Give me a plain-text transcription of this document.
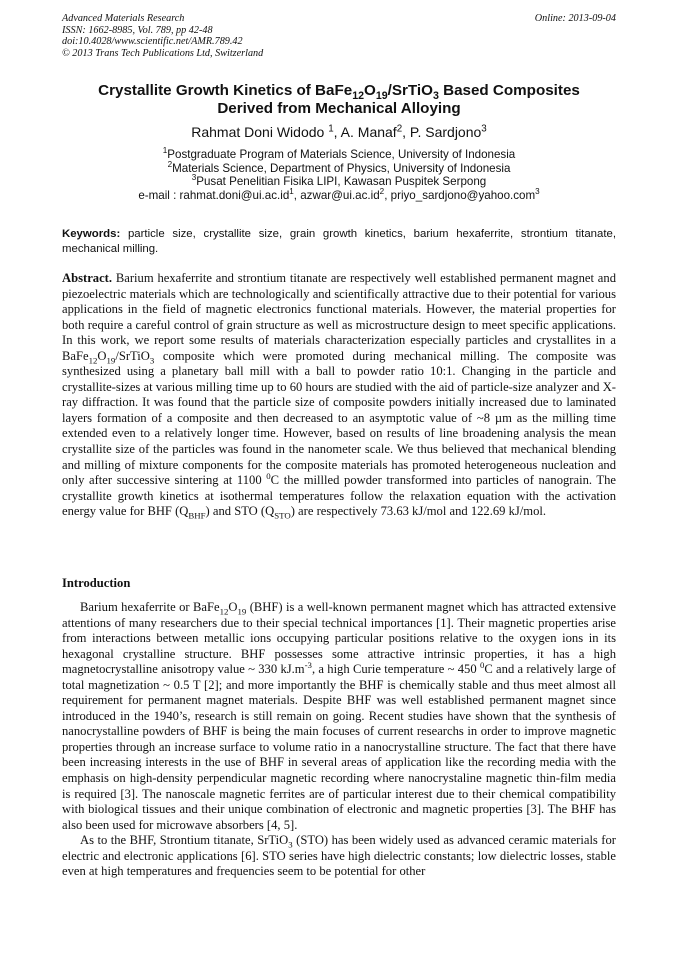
Advanced Materials Research
ISSN: 1662-8985, Vol. 789, pp 42-48
doi:10.4028/www.scientific.net/AMR.789.42
© 2013 Trans Tech Publications Ltd, Switzerland
Online: 2013-09-04
Crystallite Growth Kinetics of $BaFe_{12}O_{19}/SrTiO_3$ Based Composites
Derived from Mechanical Alloying
Rahmat Doni Widodo $^1$, A. Manaf$^2$, P. Sardjono$^3$
$^1$Postgraduate Program of Materials Science, University of Indonesia
$^2$Materials Science, Department of Physics, University of Indonesia
$^3$Pusat Penelitian Fisika LIPI, Kawasan Puspitek Serpong
e-mail : $rahmat.doni@ui.ac.id^1$, $azwar@ui.ac.id^2$, priyo_sardjono@yahoo.com$^3$
Keywords: particle size, crystallite size, grain growth kinetics, barium hexaferrite, strontium titanate, mechanical milling.

Abstract. Barium hexaferrite and strontium titanate are respectively well established permanent magnet and piezoelectric materials which are technologically and scientifically attractive due to their potential for various applications in the field of magnetic electronics functional materials. However, the material properties for both require a careful control of grain structure as well as microstructure design to meet specific applications. In this work, we report some results of materials characterization especially particles and crystallites in a $BaFe_{12}O_{19}/SrTiO_3$ composite which were promoted during mechanical milling. The composite was synthesized using a planetary ball mill with a ball to powder ratio 10:1. Changing in the particle and crystallite-sizes at various milling time up to 60 hours are studied with the aid of particle-size analyzer and X-ray diffraction. It was found that the particle size of composite powders initially increased due to laminated layers formation of a composite and then decreased to an asymptotic value of ~8 µm as the milling time extended even to a relatively longer time. However, based on results of line broadening analysis the mean crystallite size of the particles was found in the nanometer scale. We thus believed that mechanical blending and milling of mixture components for the composite materials has promoted heterogeneous nucleation and only after successive sintering at 1100 $^0$C the millled powder transformed into particles of nanograin. The crystallite growth kinetics at isothermal temperatures follow the relaxation equation with the activation energy value for BHF $(Q_{BHF})$ and STO $(Q_{STO})$ are respectively 73.63 kJ/mol and 122.69 kJ/mol.

Introduction

Barium hexaferrite or $BaFe_{12}O_{19}$ (BHF) is a well-known permanent magnet which has attracted extensive attentions of many researchers due to their special technical importances [1]. Their magnetic properties arise from interactions between metallic ions occupying particular positions relative to the oxygen ions in its hexagonal crystalline structure. BHF possesses some attractive intrinsic properties, it has a high magnetocrystalline anisotropy value ~ 330 $kJ.m^{-3}$, a high Curie temperature ~ 450 $^0$C and a relatively large of total magnetization ~ 0.5 T [2]; and more importantly the BHF is chemically stable and thus meet almost all requirement for permanent magnet materials. Despite BHF was well established permanent magnet since introduced in the 1940’s, research is still remain on going. Recent studies have shown that the synthesis of nanocrystalline powders of BHF is being the main focuses of current researchs in order to improve magnetic properties through an increase surface to volume ratio in a nanocrystalline structure. The fact that there have been increasing interests in the use of BHF in several areas of application like the recording media with the emphasis on high-density perpendicular magnetic recording where nanocrystaline magnetic thin-film media is required [3]. The nanoscale magnetic ferrites are of particular interest due to their chemical compatibility with biological tissues and their unique combination of electronic and magnetic properties [3]. The BHF has also been used for microwave absorbers [4, 5].

As to the BHF, Strontium titanate, SrTiO$_3$ (STO) has been widely used as advanced ceramic materials for electric and electronic applications [6]. STO series have high dielectric constants; low dielectric losses, stable even at high temperatures and frequencies seem to be potential for other
